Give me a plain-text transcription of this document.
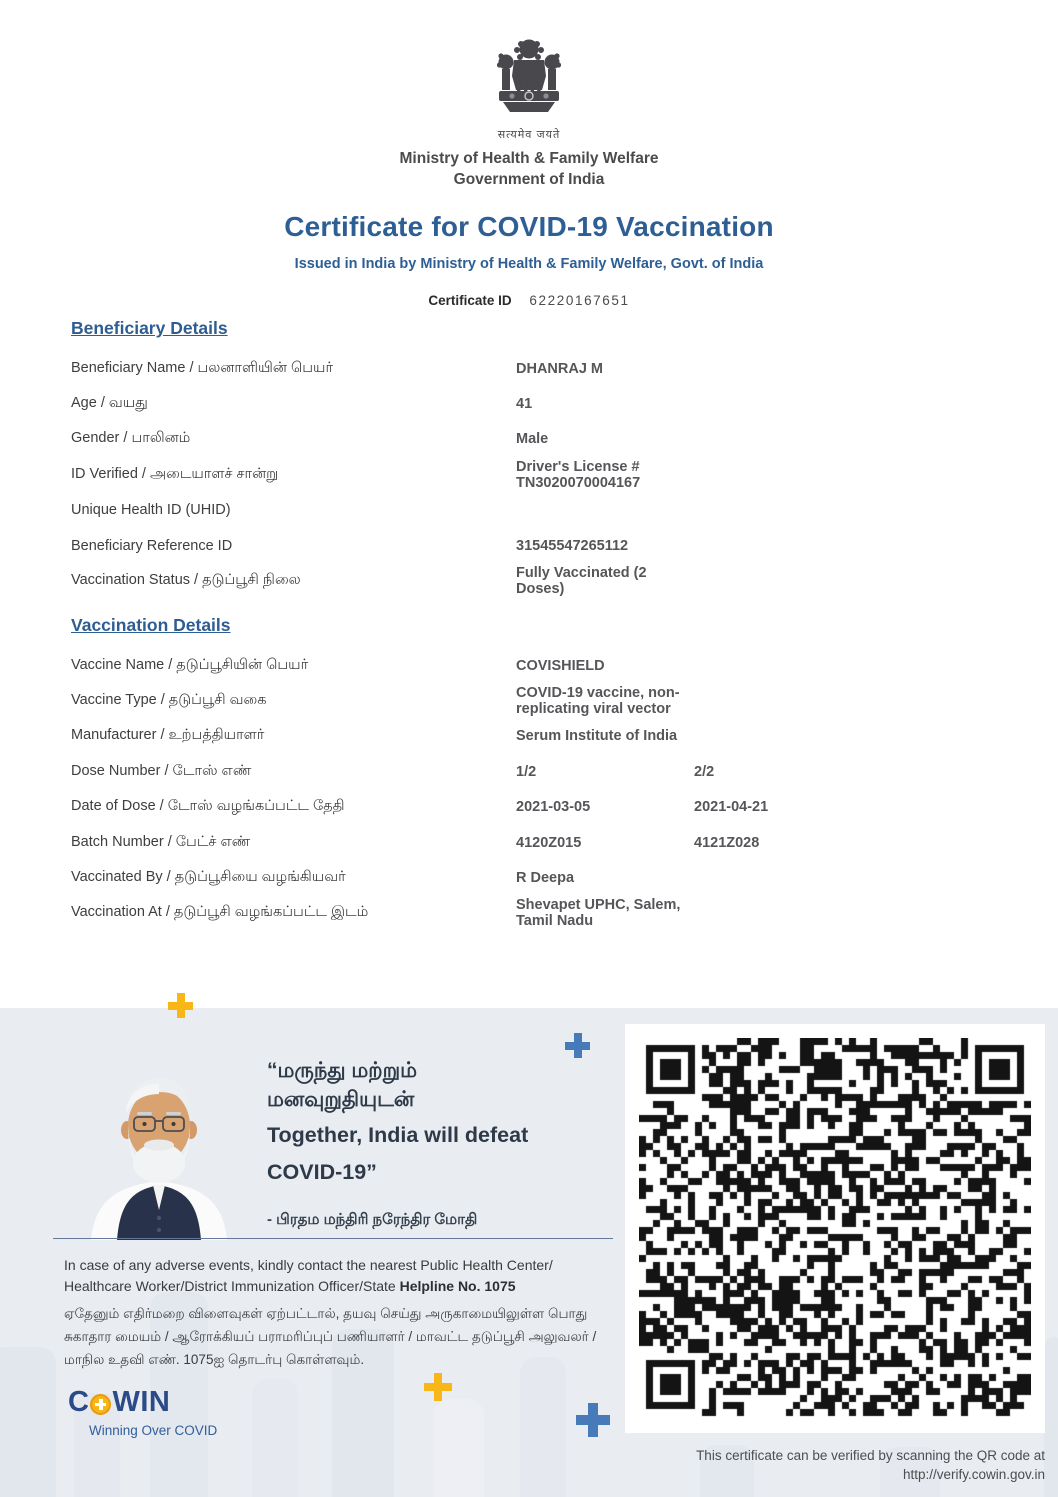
सत्यमेव जयते
Ministry of Health & Family Welfare
Government of India
Certificate for COVID-19 Vaccination
Issued in India by Ministry of Health & Family Welfare, Govt. of India
Certificate ID 62220167651
Beneficiary Details
Beneficiary Name / பலனாளியின் பெயர்	DHANRAJ M
Age / வயது	41
Gender / பாலினம்	Male
ID Verified / அடையாளச் சான்று	Driver's License # TN3020070004167
Unique Health ID (UHID)
Beneficiary Reference ID	31545547265112
Vaccination Status / தடுப்பூசி நிலை	Fully Vaccinated (2 Doses)
Vaccination Details
Vaccine Name / தடுப்பூசியின் பெயர்	COVISHIELD
Vaccine Type / தடுப்பூசி வகை	COVID-19 vaccine, non-replicating viral vector
Manufacturer / உற்பத்தியாளர்	Serum Institute of India
Dose Number / டோஸ் எண்	1/2	2/2
Date of Dose / டோஸ் வழங்கப்பட்ட தேதி	2021-03-05	2021-04-21
Batch Number / பேட்ச் எண்	4120Z015	4121Z028
Vaccinated By / தடுப்பூசியை வழங்கியவர்	R Deepa
Vaccination At / தடுப்பூசி வழங்கப்பட்ட இடம்	Shevapet UPHC, Salem, Tamil Nadu
“மருந்து மற்றும்
மனவுறுதியுடன்
Together, India will defeat
COVID-19”
- பிரதம மந்திரி நரேந்திர மோதி
In case of any adverse events, kindly contact the nearest Public Health Center/ Healthcare Worker/District Immunization Officer/State Helpline No. 1075
ஏதேனும் எதிர்மறை விளைவுகள் ஏற்பட்டால், தயவு செய்து அருகாமையிலுள்ள பொது சுகாதார மையம் / ஆரோக்கியப் பராமரிப்புப் பணியாளர் / மாவட்ட தடுப்பூசி அலுவலர் / மாநில உதவி எண். 1075ஐ தொடர்பு கொள்ளவும்.
C WIN
Winning Over COVID
This certificate can be verified by scanning the QR code at
http://verify.cowin.gov.in
